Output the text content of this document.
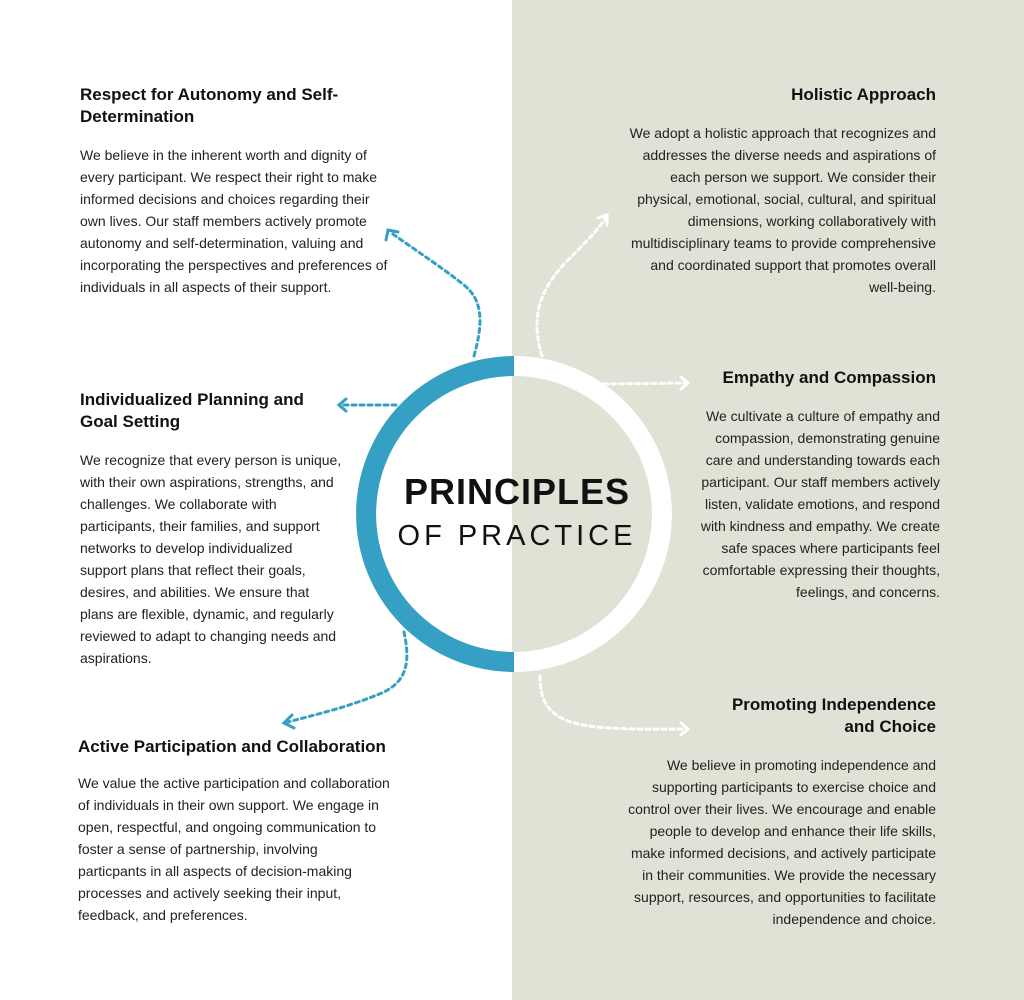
PRINCIPLES
OF PRACTICE
Respect for Autonomy and Self-Determination

We believe in the inherent worth and dignity of every participant. We respect their right to make informed decisions and choices regarding their own lives. Our staff members actively promote autonomy and self-determination, valuing and incorporating the perspectives and preferences of individuals in all aspects of their support.

Individualized Planning and Goal Setting

We recognize that every person is unique, with their own aspirations, strengths, and challenges. We collaborate with participants, their families, and support networks to develop individualized support plans that reflect their goals, desires, and abilities. We ensure that plans are flexible, dynamic, and regularly reviewed to adapt to changing needs and aspirations.

Active Participation and Collaboration

We value the active participation and collaboration of individuals in their own support. We engage in open, respectful, and ongoing communication to foster a sense of partnership, involving particpants in all aspects of decision-making processes and actively seeking their input, feedback, and preferences.

Holistic Approach

We adopt a holistic approach that recognizes and addresses the diverse needs and aspirations of each person we support. We consider their physical, emotional, social, cultural, and spiritual dimensions, working collaboratively with multidisciplinary teams to provide comprehensive and coordinated support that promotes overall well-being.

Empathy and Compassion

We cultivate a culture of empathy and compassion, demonstrating genuine care and understanding towards each participant. Our staff members actively listen, validate emotions, and respond with kindness and empathy. We create safe spaces where participants feel comfortable expressing their thoughts, feelings, and concerns.

Promoting Independence and Choice

We believe in promoting independence and supporting participants to exercise choice and control over their lives. We encourage and enable people to develop and enhance their life skills, make informed decisions, and actively participate in their communities. We provide the necessary support, resources, and opportunities to facilitate independence and choice.
